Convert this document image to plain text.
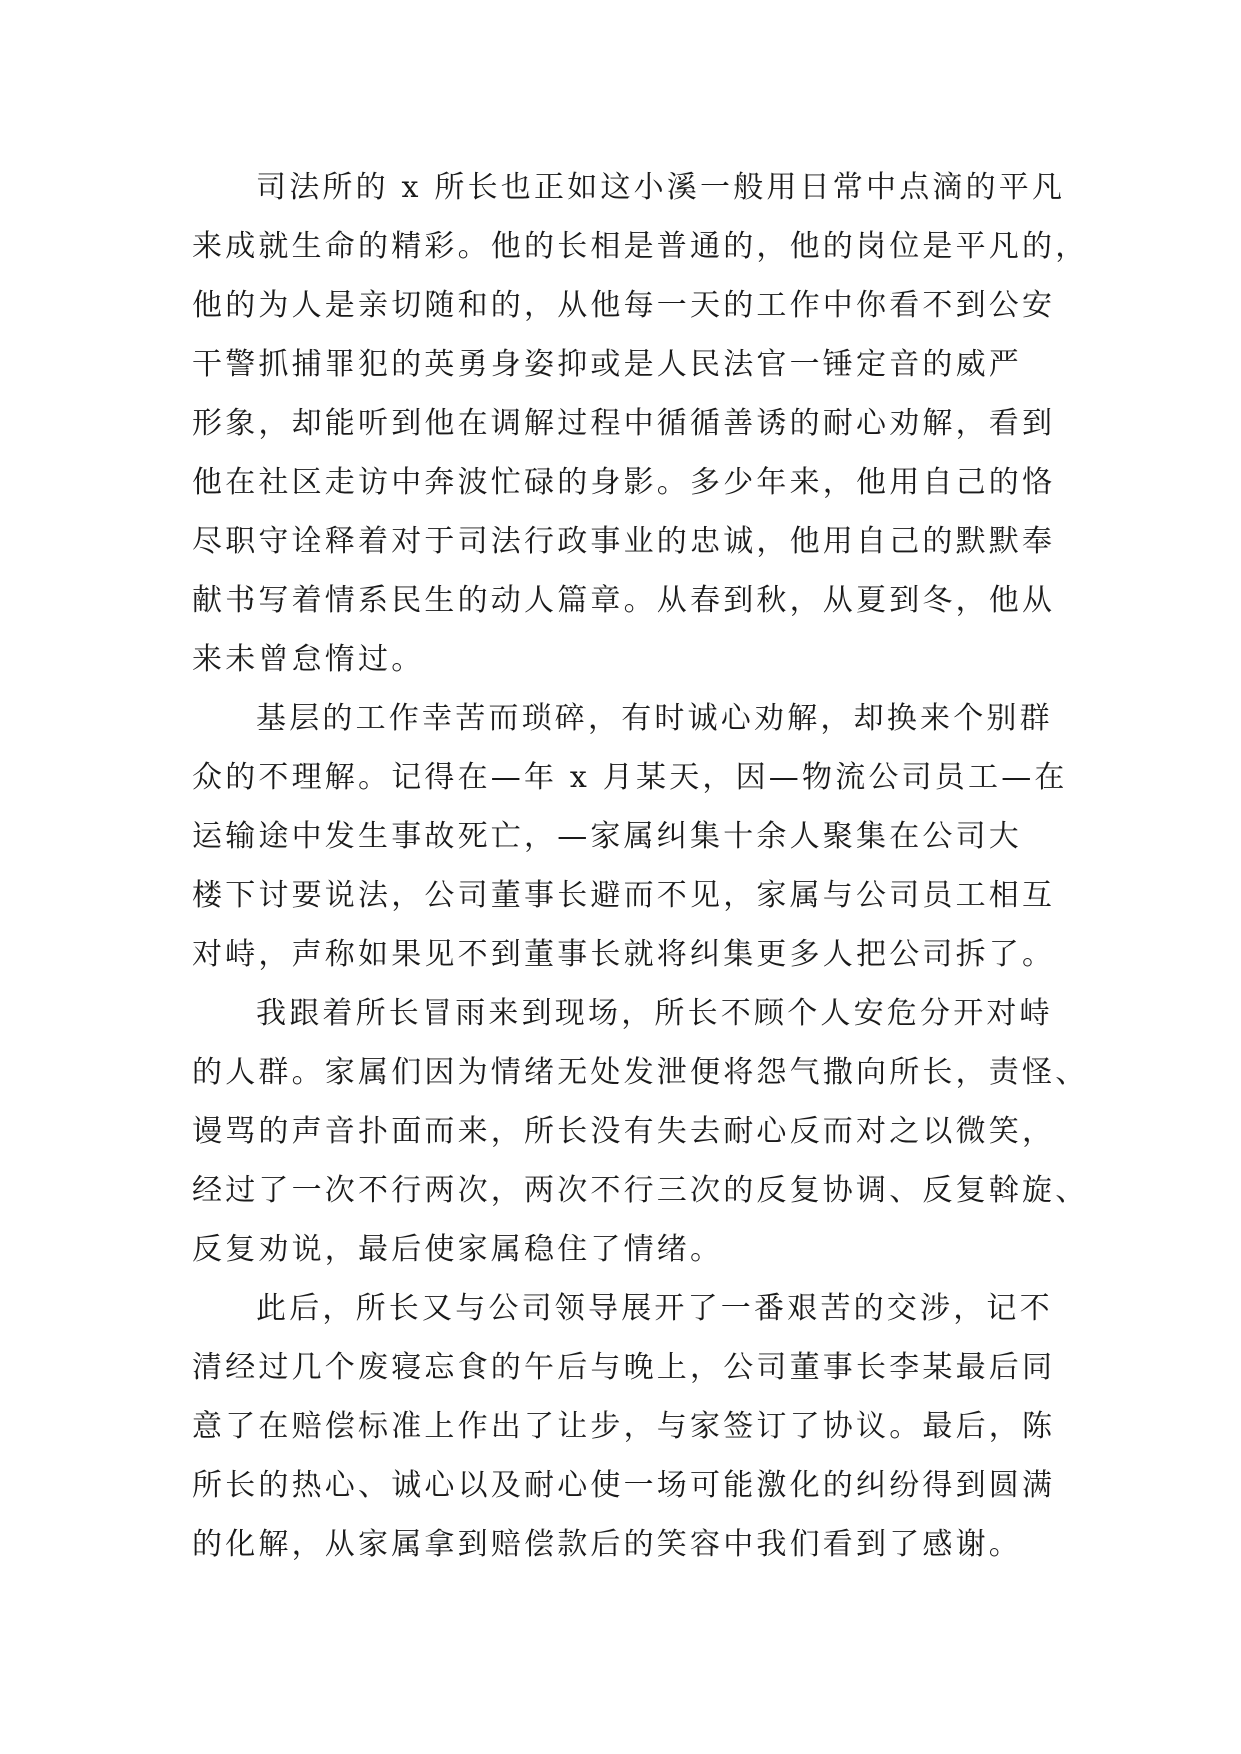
司法所的 x 所长也正如这小溪一般用日常中点滴的平凡
来成就生命的精彩。他的长相是普通的，他的岗位是平凡的，
他的为人是亲切随和的，从他每一天的工作中你看不到公安
干警抓捕罪犯的英勇身姿抑或是人民法官一锤定音的威严
形象，却能听到他在调解过程中循循善诱的耐心劝解，看到
他在社区走访中奔波忙碌的身影。多少年来，他用自己的恪
尽职守诠释着对于司法行政事业的忠诚，他用自己的默默奉
献书写着情系民生的动人篇章。从春到秋，从夏到冬，他从
来未曾怠惰过。

基层的工作幸苦而琐碎，有时诚心劝解，却换来个别群
众的不理解。记得在—年 x 月某天，因—物流公司员工—在
运输途中发生事故死亡，—家属纠集十余人聚集在公司大
楼下讨要说法，公司董事长避而不见，家属与公司员工相互
对峙，声称如果见不到董事长就将纠集更多人把公司拆了。

我跟着所长冒雨来到现场，所长不顾个人安危分开对峙
的人群。家属们因为情绪无处发泄便将怨气撒向所长，责怪、
谩骂的声音扑面而来，所长没有失去耐心反而对之以微笑，
经过了一次不行两次，两次不行三次的反复协调、反复斡旋、
反复劝说，最后使家属稳住了情绪。

此后，所长又与公司领导展开了一番艰苦的交涉，记不
清经过几个废寝忘食的午后与晚上，公司董事长李某最后同
意了在赔偿标准上作出了让步，与家签订了协议。最后，陈
所长的热心、诚心以及耐心使一场可能激化的纠纷得到圆满
的化解，从家属拿到赔偿款后的笑容中我们看到了感谢。
